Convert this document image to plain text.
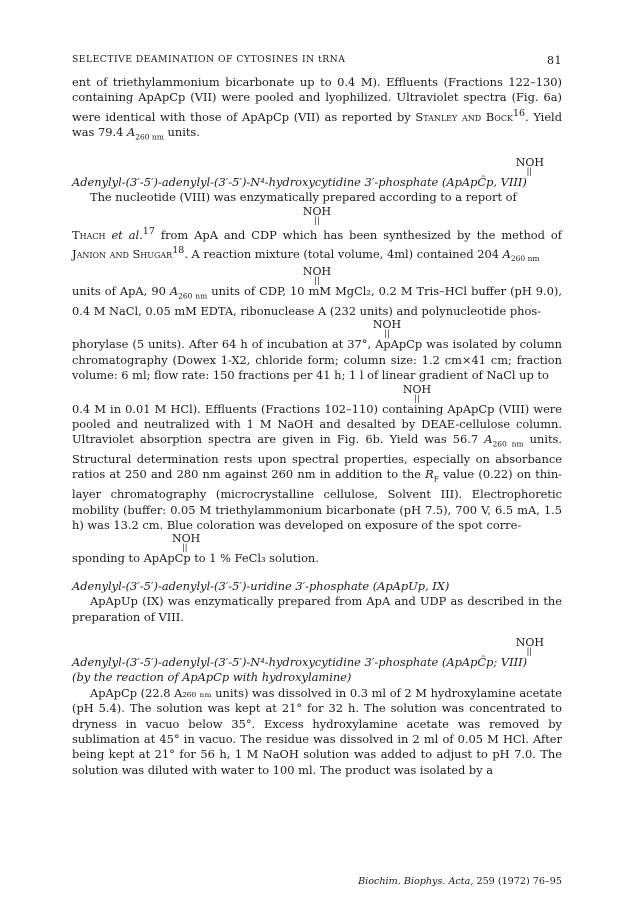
SELECTIVE DEAMINATION OF CYTOSINES IN tRNA	81

ent of triethylammonium bicarbonate up to 0.4 M). Effluents (Fractions 122–130) containing ApApCp (VII) were pooled and lyophilized. Ultraviolet spectra (Fig. 6a) were identical with those of ApApCp (VII) as reported by Stanley and Bock$^{16}$. Yield was 79.4 $A_{260 nm}$ units.

NOH
||

Adenylyl-(3′-5′)-adenylyl-(3′-5′)-N⁴-hydroxycytidine 3′-phosphate (ApApĈp, VIII)

The nucleotide (VIII) was enzymatically prepared according to a report of

NOH
||

Thach et al.$^{17}$ from ApA and CDP which has been synthesized by the method of Janion and Shugar$^{18}$. A reaction mixture (total volume, 4ml) contained 204 $A_{260 nm}$

NOH
||

units of ApA, 90 $A_{260 nm}$ units of CDP, 10 mM MgCl₂, 0.2 M Tris–HCl buffer (pH 9.0), 0.4 M NaCl, 0.05 mM EDTA, ribonuclease A (232 units) and polynucleotide phos-

NOH
||

phorylase (5 units). After 64 h of incubation at 37°, ApApCp was isolated by column chromatography (Dowex 1-X2, chloride form; column size: 1.2 cm×41 cm; fraction volume: 6 ml; flow rate: 150 fractions per 41 h; 1 l of linear gradient of NaCl up to

NOH
||

0.4 M in 0.01 M HCl). Effluents (Fractions 102–110) containing ApApCp (VIII) were pooled and neutralized with 1 M NaOH and desalted by DEAE-cellulose column. Ultraviolet absorption spectra are given in Fig. 6b. Yield was 56.7 $A_{260 nm}$ units. Structural determination rests upon spectral properties, especially on absorbance ratios at 250 and 280 nm against 260 nm in addition to the $R_F$ value (0.22) on thin-layer chromatography (microcrystalline cellulose, Solvent III). Electrophoretic mobility (buffer: 0.05 M triethylammonium bicarbonate (pH 7.5), 700 V, 6.5 mA, 1.5 h) was 13.2 cm. Blue coloration was developed on exposure of the spot corre-

NOH
||

sponding to ApApCp to 1 % FeCl₃ solution.

Adenylyl-(3′-5′)-adenylyl-(3′-5′)-uridine 3′-phosphate (ApApUp, IX)

ApApUp (IX) was enzymatically prepared from ApA and UDP as described in the preparation of VIII.

NOH
||

Adenylyl-(3′-5′)-adenylyl-(3′-5′)-N⁴-hydroxycytidine 3′-phosphate (ApApĈp; VIII)

(by the reaction of ApApCp with hydroxylamine)

ApApCp (22.8 A₂₆₀ ₙₘ units) was dissolved in 0.3 ml of 2 M hydroxylamine acetate (pH 5.4). The solution was kept at 21° for 32 h. The solution was concentrated to dryness in vacuo below 35°. Excess hydroxylamine acetate was removed by sublimation at 45° in vacuo. The residue was dissolved in 2 ml of 0.05 M HCl. After being kept at 21° for 56 h, 1 M NaOH solution was added to adjust to pH 7.0. The solution was diluted with water to 100 ml. The product was isolated by a

Biochim. Biophys. Acta, 259 (1972) 76–95
